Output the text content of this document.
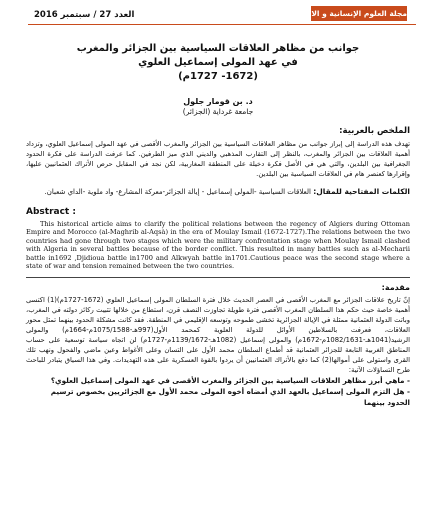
العدد 27 / سبتمبر 2016	مجلة العلوم الإنسانية و الاجتماعية
جوانب من مظاهر العلاقات السياسية بين الجزائر والمغرب
في عهد المولى إسماعيل العلوي
(1672- 1727م)
د. بن قومار جلول
جامعة غرداية (الجزائر)
الملخص بالعربية:
تهدف هذه الدراسة إلى إبراز جوانب من مظاهر العلاقات السياسية بين الجزائر والمغرب الأقصى في عهد المولى إسماعيل العلوي، وتزداد أهمية العلاقات بين الجزائر والمغرب، بالنظر إلى التقارب المذهبي والديني الذي ميز الطرفين. كما عرفت الدراسة على فكرة الحدود الجغرافية بين البلدين، والتي هي في الأصل فكرة دخيلة على المنطقة المغاربية، لكن نجد في المقابل حرص الأتراك العثمانيين عليها، وإقرارها كعنصر هام في العلاقات السياسية بين البلدين.
الكلمات المفتاحية للمقال: العلاقات السياسية -المولى إسماعيل - إيالة الجزائر-معركة المشارع- واد ملوية -الداي شعبان.
Abstract :
This historical article aims to clarify the political relations between the regency of Algiers during Ottoman Empire and Morocco (al-Maghrib al-Aqsà) in the era of Moulay Ismail (1672-1727).The relations between the two countries had gone through two stages which were the military confrontation stage when Moulay Ismail clashed with Algeria in several battles because of the border conflict. This resulted in many battles such as al-Mecharii battle in1692 ,Djidioua battle in1700 and Alkwyah battle in1701.Cautious peace was the second stage where a state of war and tension remained between the two countries.
مقدمة:
إنّ تاريخ علاقات الجزائر مع المغرب الأقصى في العصر الحديث خلال فترة السلطان المولى إسماعيل العلوي (1672-1727م)(1) اكتسى أهمية خاصة حيث حكم هذا السلطان المغرب الأقصى فترة طويلة تجاوزت النصف قرن، استطاع من خلالها تثبيت ركائز دولته في المغرب، وباتت الدولة العثمانية ممثلة في الإيالة الجزائرية تخشى طموحه وتوسعه الإقليمي في المنطقة. فقد كانت مشكلة الحدود بينهما تمثل محور العلاقات، فعرفت بالسلاطين الأوائل للدولة العلوية كمحمد الأول(997هـ-1075/1588م-1664م) والمولى الرشيد(1041هـ-1082/1631م-1672م) والمولى إسماعيل (1082هـ-1139/1672م-1727م) لن اتجاه سياسة توسعية على حساب المناطق الغربية التابعة للجزائر العثمانية قد أطماع السلطان محمد الأول على التسان وعلى الأغواط وعين ماضي والفحول ونهب تلك القرى واستولى على أموالها(2) كما دفع بالأتراك العثمانيين أن يردوا بالقوة العسكرية على هذه التهديدات. وفي هذا السياق يتبادر للباحث طرح التساؤلات الآتية:
- ماهي أبرز مظاهر العلاقات السياسية بين الجزائر والمغرب الأقصى في عهد المولى إسماعيل العلوي؟
- هل التزم المولى إسماعيل بالعهد الذي أمضاه أخوه المولى محمد الأول مع الجزائريين بخصوص ترسيم الحدود بينهما
